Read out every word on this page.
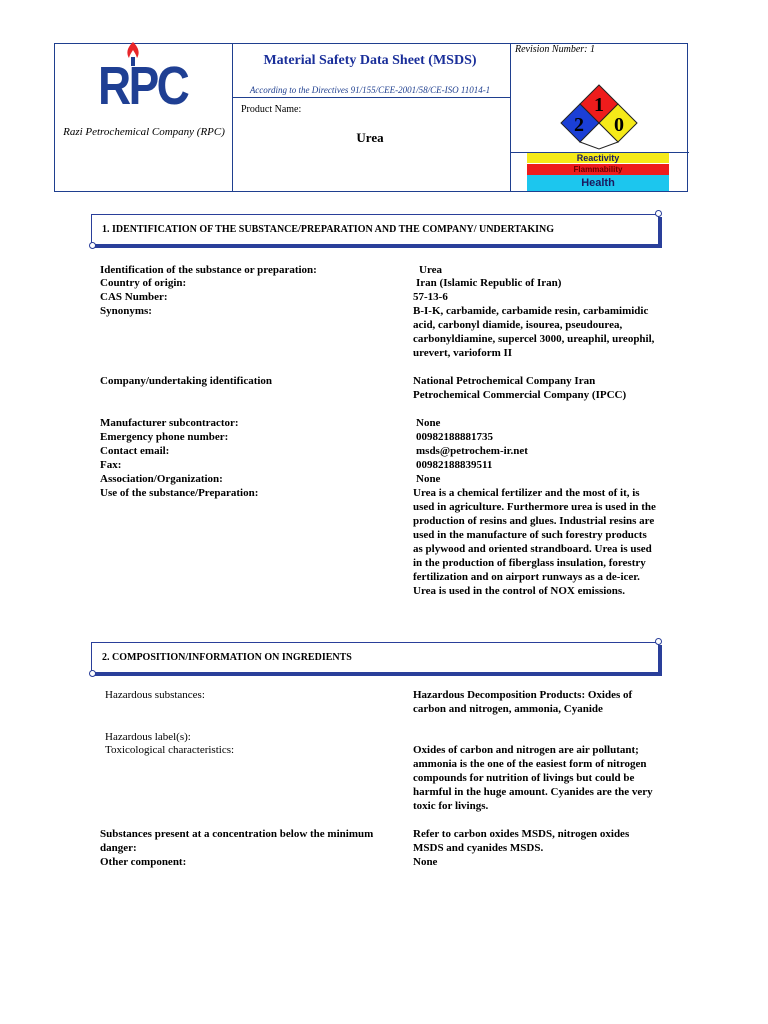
RPC
Razi Petrochemical Company (RPC)
Material Safety Data Sheet (MSDS)
According to the Directives 91/155/CEE-2001/58/CE-ISO 11014-1
Product Name:
Urea
Revision Number: 1
1
2 0
Reactivity
Flammability
Health
1. IDENTIFICATION OF THE SUBSTANCE/PREPARATION AND THE COMPANY/ UNDERTAKING
Identification of the substance or preparation:	Urea
Country of origin:	Iran (Islamic Republic of Iran)
CAS Number:	57-13-6
Synonyms:	B-I-K, carbamide, carbamide resin, carbamimidic acid, carbonyl diamide, isourea, pseudourea, carbonyldiamine, supercel 3000, ureaphil, ureophil, urevert, varioform II
Company/undertaking identification	National Petrochemical Company Iran Petrochemical Commercial Company (IPCC)
Manufacturer subcontractor:	None
Emergency phone number:	00982188881735
Contact email:	msds@petrochem-ir.net
Fax:	00982188839511
Association/Organization:	None
Use of the substance/Preparation:	Urea is a chemical fertilizer and the most of it, is used in agriculture. Furthermore urea is used in the production of resins and glues. Industrial resins are used in the manufacture of such forestry products as plywood and oriented strandboard. Urea is used in the production of fiberglass insulation, forestry fertilization and on airport runways as a de-icer. Urea is used in the control of NOX emissions.
2. COMPOSITION/INFORMATION ON INGREDIENTS
Hazardous substances:	Hazardous Decomposition Products: Oxides of carbon and nitrogen, ammonia, Cyanide
Hazardous label(s):
Toxicological characteristics:	Oxides of carbon and nitrogen are air pollutant; ammonia is the one of the easiest form of nitrogen compounds for nutrition of livings but could be harmful in the huge amount. Cyanides are the very toxic for livings.
Substances present at a concentration below the minimum danger:
Refer to carbon oxides MSDS, nitrogen oxides MSDS and cyanides MSDS.
Other component:	None
